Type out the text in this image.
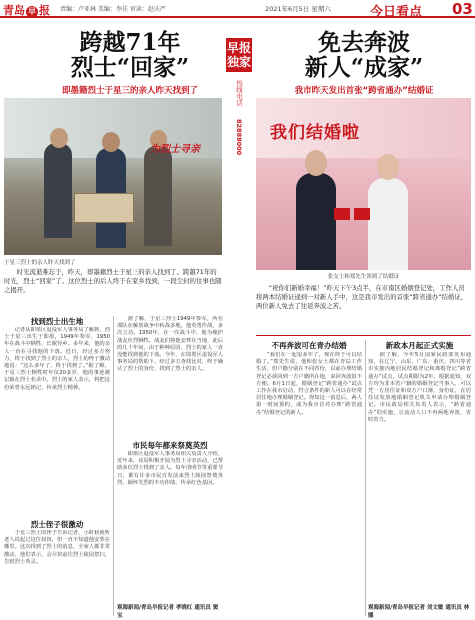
青岛 早 报 责编：卢亚林 美编：李佳 审读：赵庆严	2021年6月5日 星期六	今日看点 03
跨越71年
烈士“回家”
即墨籍烈士于星三的亲人昨天找到了
为烈士寻亲
于星三烈士的亲人昨天找到了
　　时光流逝难忘于，昨天，即墨籍烈士于星三的亲人找到了。跨越71年的时光，烈士“回家”了。这位烈士的后人终于在家乡找到，一段尘封的往事也随之揭开。
找到烈士出生地
　　记者从即墨区退役军人事务局了解到，烈士于星三出生于即墨，1949年参军，1950年在战斗中牺牲，长眠异乡。多年来，他的亲人一直在寻找他的下落。近日，经过多方努力，终于找到了烈士的亲人，烈士的侄子激动地说：“这么多年了，终于找到了。”据了解，于星三烈士牺牲时年仅20多岁，他的事迹被记载在烈士名录中。烈士的家人表示，将把这份荣誉永远铭记，传承烈士精神。
烈士侄子很激动
　　于星三烈士的侄子告诉记者，小时候就听老人说起过这位叔叔，但一直不知道他安葬在哪里。这次找到了烈士的消息，全家人都非常激动。他们表示，会尽快前往烈士陵园祭扫，告慰烈士英灵。
　　据了解，于星三烈士1949年参军，所在部队在解放战争中转战多地，他英勇作战，多次立功。1950年，在一次战斗中，他为掩护战友壮烈牺牲。战友们将他安葬在当地，此后的几十年间，由于种种原因，烈士的家人一直没能找到他的下落。今年，在即墨区退役军人事务局的帮助下，经过多方查找比对，终于确认了烈士的身份，找到了烈士的亲人。
市民每年都来祭奠英烈
　　即墨区退役军人事务局相关负责人介绍，近年来，该局积极开展为烈士寻亲活动，已帮助多位烈士找到了亲人。每年清明节等重要节日，都有许多市民自发前来烈士陵园祭奠英烈，缅怀先烈的丰功伟绩，传承红色基因。
观海新闻/青岛早报记者 孝晓红 通讯员 窦宝
早报
独家
热线电话
82888000
免去奔波
新人“成家”
我市昨天发出首张“跨省通办”结婚证
我们结婚啦
张女士和郑先生领到了结婚证
　　“祝你们新婚幸福！”昨天下午3点半，在市南区婚姻登记处，工作人员将两本结婚证递到一对新人手中，这是我市发出的首张“跨省通办”结婚证，两位新人免去了往返奔波之苦。
不再奔波可在青办结婚
　　“我们在一起很多年了，现在终于可以结婚了。”郑先生说，他和张女士都在青岛工作生活，但户籍分别在不同省份，以前办理结婚登记必须回到一方户籍所在地，来回奔波很不方便。6月1日起，婚姻登记“跨省通办”试点工作在我市启动，符合条件的新人可以在经常居住地办理婚姻登记。得知这一消息后，两人第一时间预约，成为我市首对办理“跨省通办”结婚登记的新人。
新政本月起正式实施
　　据了解，今年5月国家民政部发布通知，在辽宁、山东、广东、重庆、四川等省市实施内地居民结婚登记和离婚登记“跨省通办”试点，试点期限为2年。根据通知，双方均为非本省户籍的婚姻登记当事人，可以凭一方居住证和双方户口簿、身份证，在居住证发放地婚姻登记机关申请办理婚姻登记。市民政局相关负责人表示，“跨省通办”的实施，让流动人口不再两地奔波，省时省力。
观海新闻/青岛早报记者 刘文敏 通讯员 林娜
